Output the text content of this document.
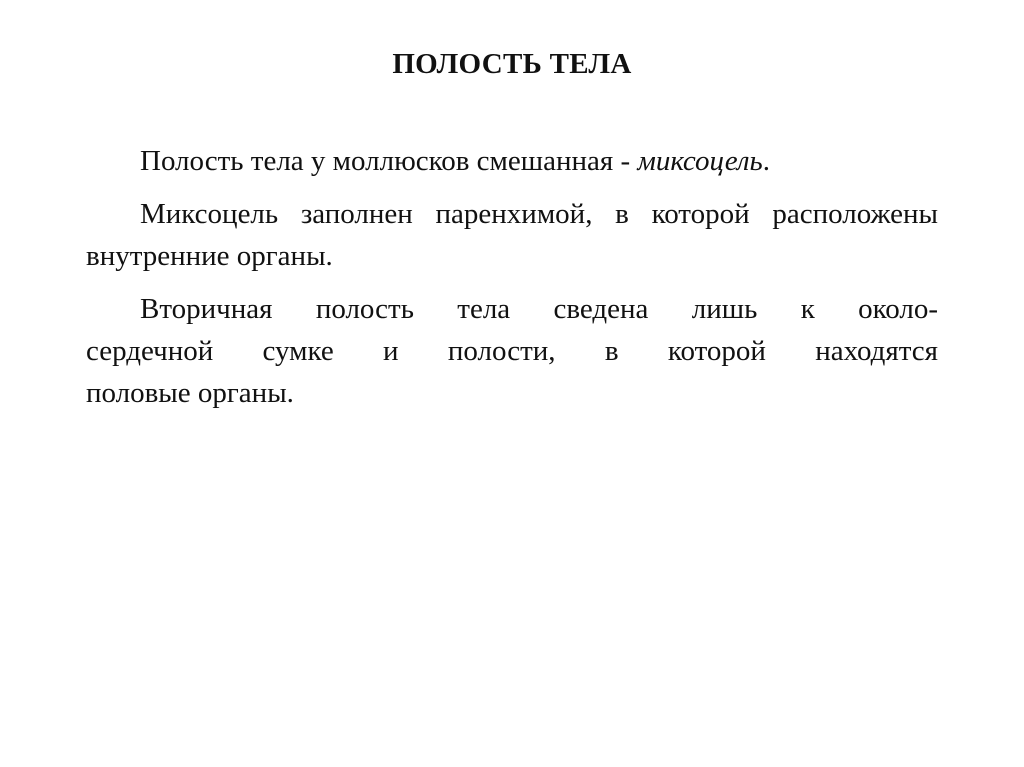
ПОЛОСТЬ ТЕЛА

Полость тела у моллюсков смешанная - миксоцель.

Миксоцель заполнен паренхимой, в которой расположены внутренние органы.

Вторичная полость тела сведена лишь к около-
сердечной сумке и полости, в которой находятся
половые органы.
